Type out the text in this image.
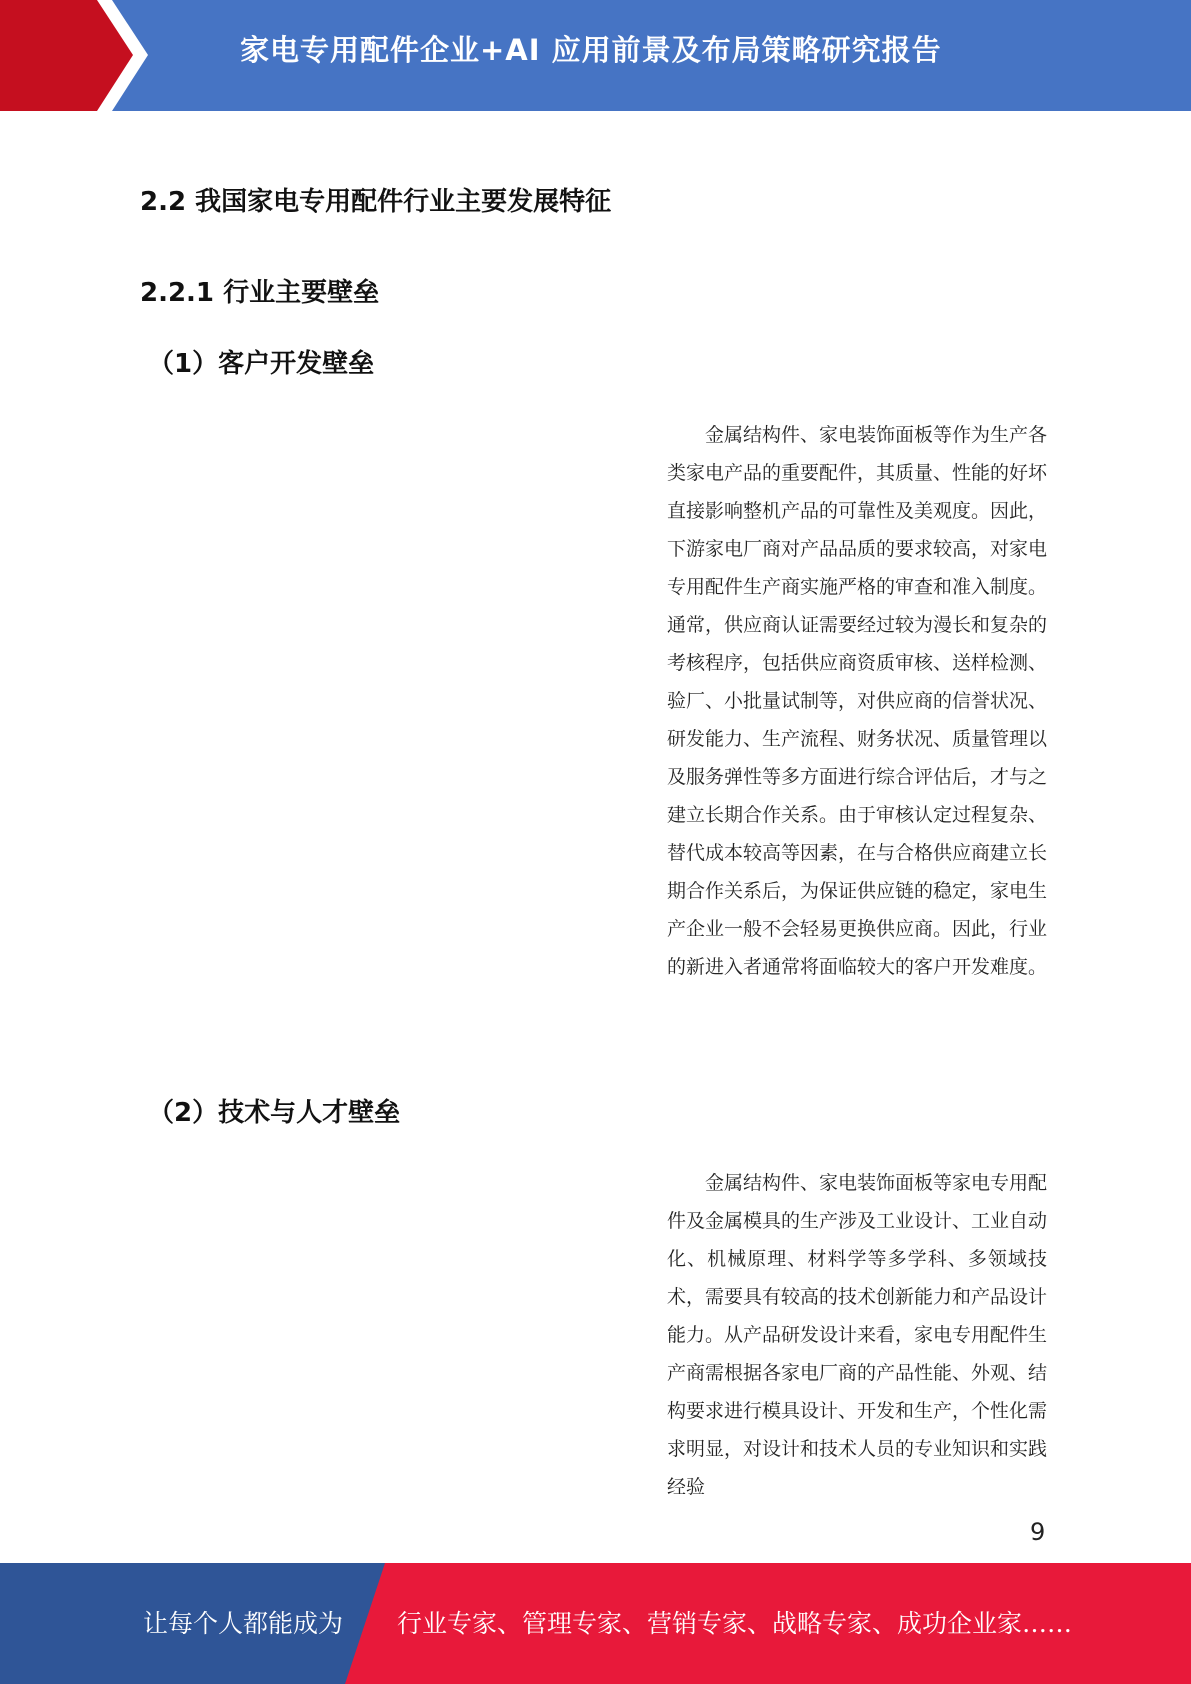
家电专用配件企业+AI 应用前景及布局策略研究报告
2.2 我国家电专用配件行业主要发展特征
2.2.1 行业主要壁垒
（1）客户开发壁垒

金属结构件、家电装饰面板等作为生产各类家电产品的重要配件，其质量、性能的好坏直接影响整机产品的可靠性及美观度。因此，下游家电厂商对产品品质的要求较高，对家电专用配件生产商实施严格的审查和准入制度。通常，供应商认证需要经过较为漫长和复杂的考核程序，包括供应商资质审核、送样检测、验厂、小批量试制等，对供应商的信誉状况、研发能力、生产流程、财务状况、质量管理以及服务弹性等多方面进行综合评估后，才与之建立长期合作关系。由于审核认定过程复杂、替代成本较高等因素，在与合格供应商建立长期合作关系后，为保证供应链的稳定，家电生产企业一般不会轻易更换供应商。因此，行业的新进入者通常将面临较大的客户开发难度。

（2）技术与人才壁垒

金属结构件、家电装饰面板等家电专用配件及金属模具的生产涉及工业设计、工业自动化、机械原理、材料学等多学科、多领域技术，需要具有较高的技术创新能力和产品设计能力。从产品研发设计来看，家电专用配件生产商需根据各家电厂商的产品性能、外观、结构要求进行模具设计、开发和生产，个性化需求明显，对设计和技术人员的专业知识和实践经验

9
让每个人都能成为 行业专家、管理专家、营销专家、战略专家、成功企业家……
